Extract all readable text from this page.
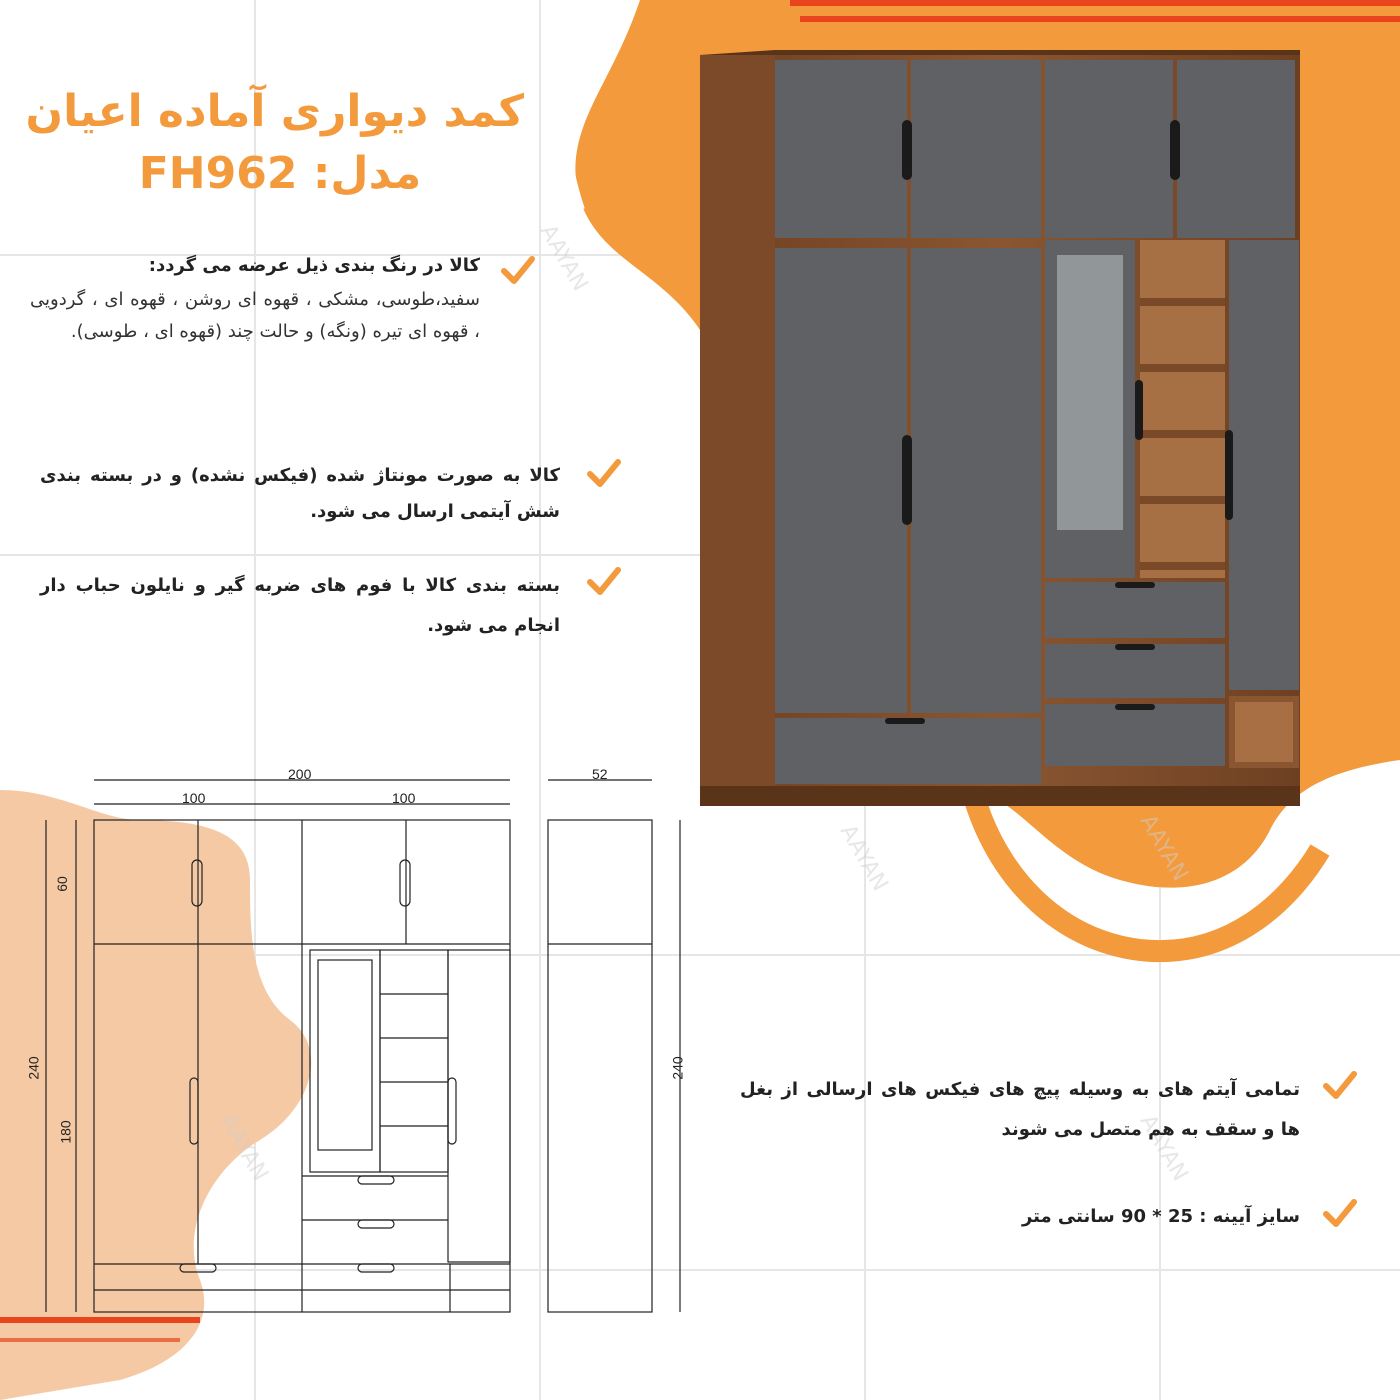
AAYAN
AAYAN
AAYAN	AAYAN
AAYAN
کمد دیواری آماده اعیان
مدل: FH962
کالا در رنگ بندی ذیل عرضه می گردد:
سفید،طوسی، مشکی ، قهوه ای روشن ، قهوه ای ، گردویی ، قهوه ای تیره (ونگه) و حالت چند (قهوه ای ، طوسی).
کالا به صورت مونتاژ شده (فیکس نشده) و در بسته بندی شش آیتمی ارسال می شود.
بسته بندی کالا با فوم های ضربه گیر و نایلون حباب دار انجام می شود.
تمامی آیتم های به وسیله پیچ های فیکس های ارسالی از بغل ها و سقف به هم متصل می شوند
سایز آیینه : 25 * 90 سانتی متر
200
100	100
52
240
60
180
240
